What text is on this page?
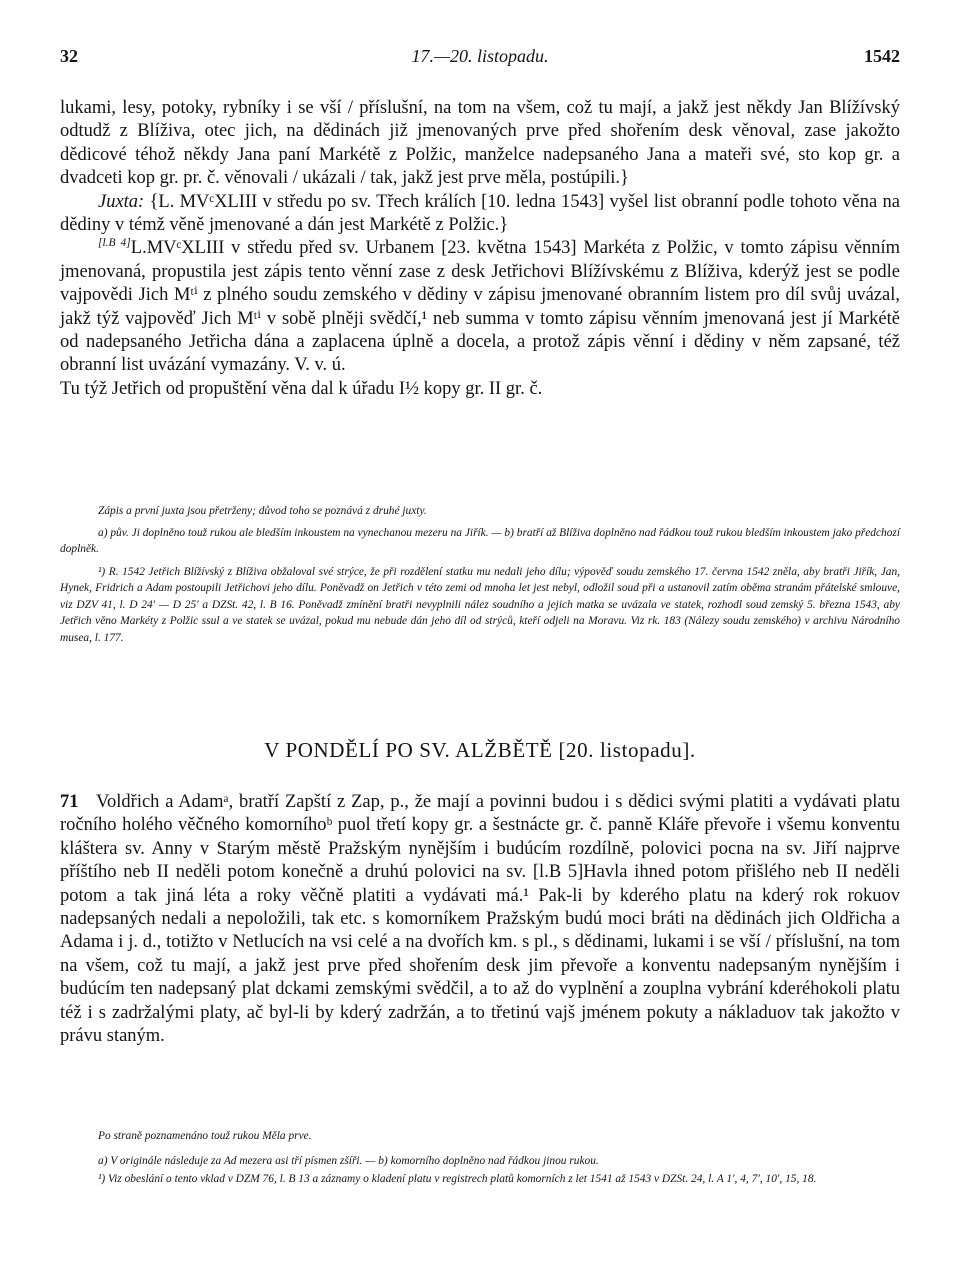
32	17.—20. listopadu.	1542

lukami, lesy, potoky, rybníky i se vší / příslušní, na tom na všem, což tu mají, a jakž jest někdy Jan Blížívský odtudž z Blíživa, otec jich, na dědinách již jmenovaných prve před shořením desk věnoval, zase jakožto dědicové téhož někdy Jana paní Markétě z Polžic, manželce nadepsaného Jana a mateři své, sto kop gr. a dvadceti kop gr. pr. č. věnovali / ukázali / tak, jakž jest prve měla, postúpili.}

Juxta: {L. MVᶜXLIII v středu po sv. Třech králích [10. ledna 1543] vyšel list obranní podle tohoto věna na dědiny v témž věně jmenované a dán jest Markétě z Polžic.}

[l.B 4]L.MVᶜXLIII v středu před sv. Urbanem [23. května 1543] Markéta z Polžic, v tomto zápisu věnním jmenovaná, propustila jest zápis tento věnní zase z desk Jetřichovi Blížívskému z Blíživa, kderýž jest se podle vajpovědi Jich Mᵗⁱ z plného soudu zemského v dědiny v zápisu jmenované obranním listem pro díl svůj uvázal, jakž týž vajpověď Jich Mᵗⁱ v sobě plněji svědčí,¹ neb summa v tomto zápisu věnním jmenovaná jest jí Markétě od nadepsaného Jetřicha dána a zaplacena úplně a docela, a protož zápis věnní i dědiny v něm zapsané, též obranní list uvázání vymazány. V. v. ú.

Tu týž Jetřich od propuštění věna dal k úřadu I½ kopy gr. II gr. č.

Zápis a první juxta jsou přetrženy; důvod toho se poznává z druhé juxty.

a) pův. Ji doplněno touž rukou ale bledším inkoustem na vynechanou mezeru na Jiřík. — b) bratří až Blíživa doplněno nad řádkou touž rukou bledším inkoustem jako předchozí doplněk.

¹) R. 1542 Jetřich Blížívský z Blíživa obžaloval své strýce, že při rozdělení statku mu nedali jeho dílu; výpověď soudu zemského 17. června 1542 zněla, aby bratři Jiřík, Jan, Hynek, Fridrich a Adam postoupili Jetřichovi jeho dílu. Poněvadž on Jetřich v této zemi od mnoha let jest nebyl, odložil soud při a ustanovil zatím oběma stranám přátelské smlouve, viz DZV 41, l. D 24′ — D 25′ a DZSt. 42, l. B 16. Poněvadž zmínění bratři nevyplnili nález soudního a jejich matka se uvázala ve statek, rozhodl soud zemský 5. března 1543, aby Jetřich věno Markéty z Polžic ssul a ve statek se uvázal, pokud mu nebude dán jeho díl od strýců, kteří odjeli na Moravu. Viz rk. 183 (Nálezy soudu zemského) v archivu Národního musea, l. 177.

V PONDĚLÍ PO SV. ALŽBĚTĚ [20. listopadu].

71 Voldřich a Adamᵃ, bratří Zapští z Zap, p., že mají a povinni budou i s dědici svými platiti a vydávati platu ročního holého věčného komorníhoᵇ puol třetí kopy gr. a šestnácte gr. č. panně Kláře převoře i všemu konventu kláštera sv. Anny v Starým městě Pražským nynějším i budúcím rozdílně, polovici pocna na sv. Jiří najprve příštího neb II neděli potom konečně a druhú polovici na sv. [l.B 5]Havla ihned potom přišlého neb II neděli potom a tak jiná léta a roky věčně platiti a vydávati má.¹ Pak-li by kderého platu na kderý rok rokuov nadepsaných nedali a nepoložili, tak etc. s komorníkem Pražským budú moci bráti na dědinách jich Oldřicha a Adama i j. d., totižto v Netlucích na vsi celé a na dvořích km. s pl., s dědinami, lukami i se vší / příslušní, na tom na všem, což tu mají, a jakž jest prve před shořením desk jim převoře a konventu nadepsaným nynějším i budúcím ten nadepsaný plat dckami zemskými svědčil, a to až do vyplnění a zouplna vybrání kderéhokoli platu též i s zadržalými platy, ač byl-li by kderý zadržán, a to třetinú vajš jménem pokuty a nákladuov tak jakožto v právu staným.

Po straně poznamenáno touž rukou Měla prve.

a) V originále následuje za Ad mezera asi tří písmen zšíři. — b) komorního doplněno nad řádkou jinou rukou.

¹) Viz obeslání o tento vklad v DZM 76, l. B 13 a záznamy o kladení platu v registrech platů komorních z let 1541 až 1543 v DZSt. 24, l. A 1′, 4, 7′, 10′, 15, 18.
